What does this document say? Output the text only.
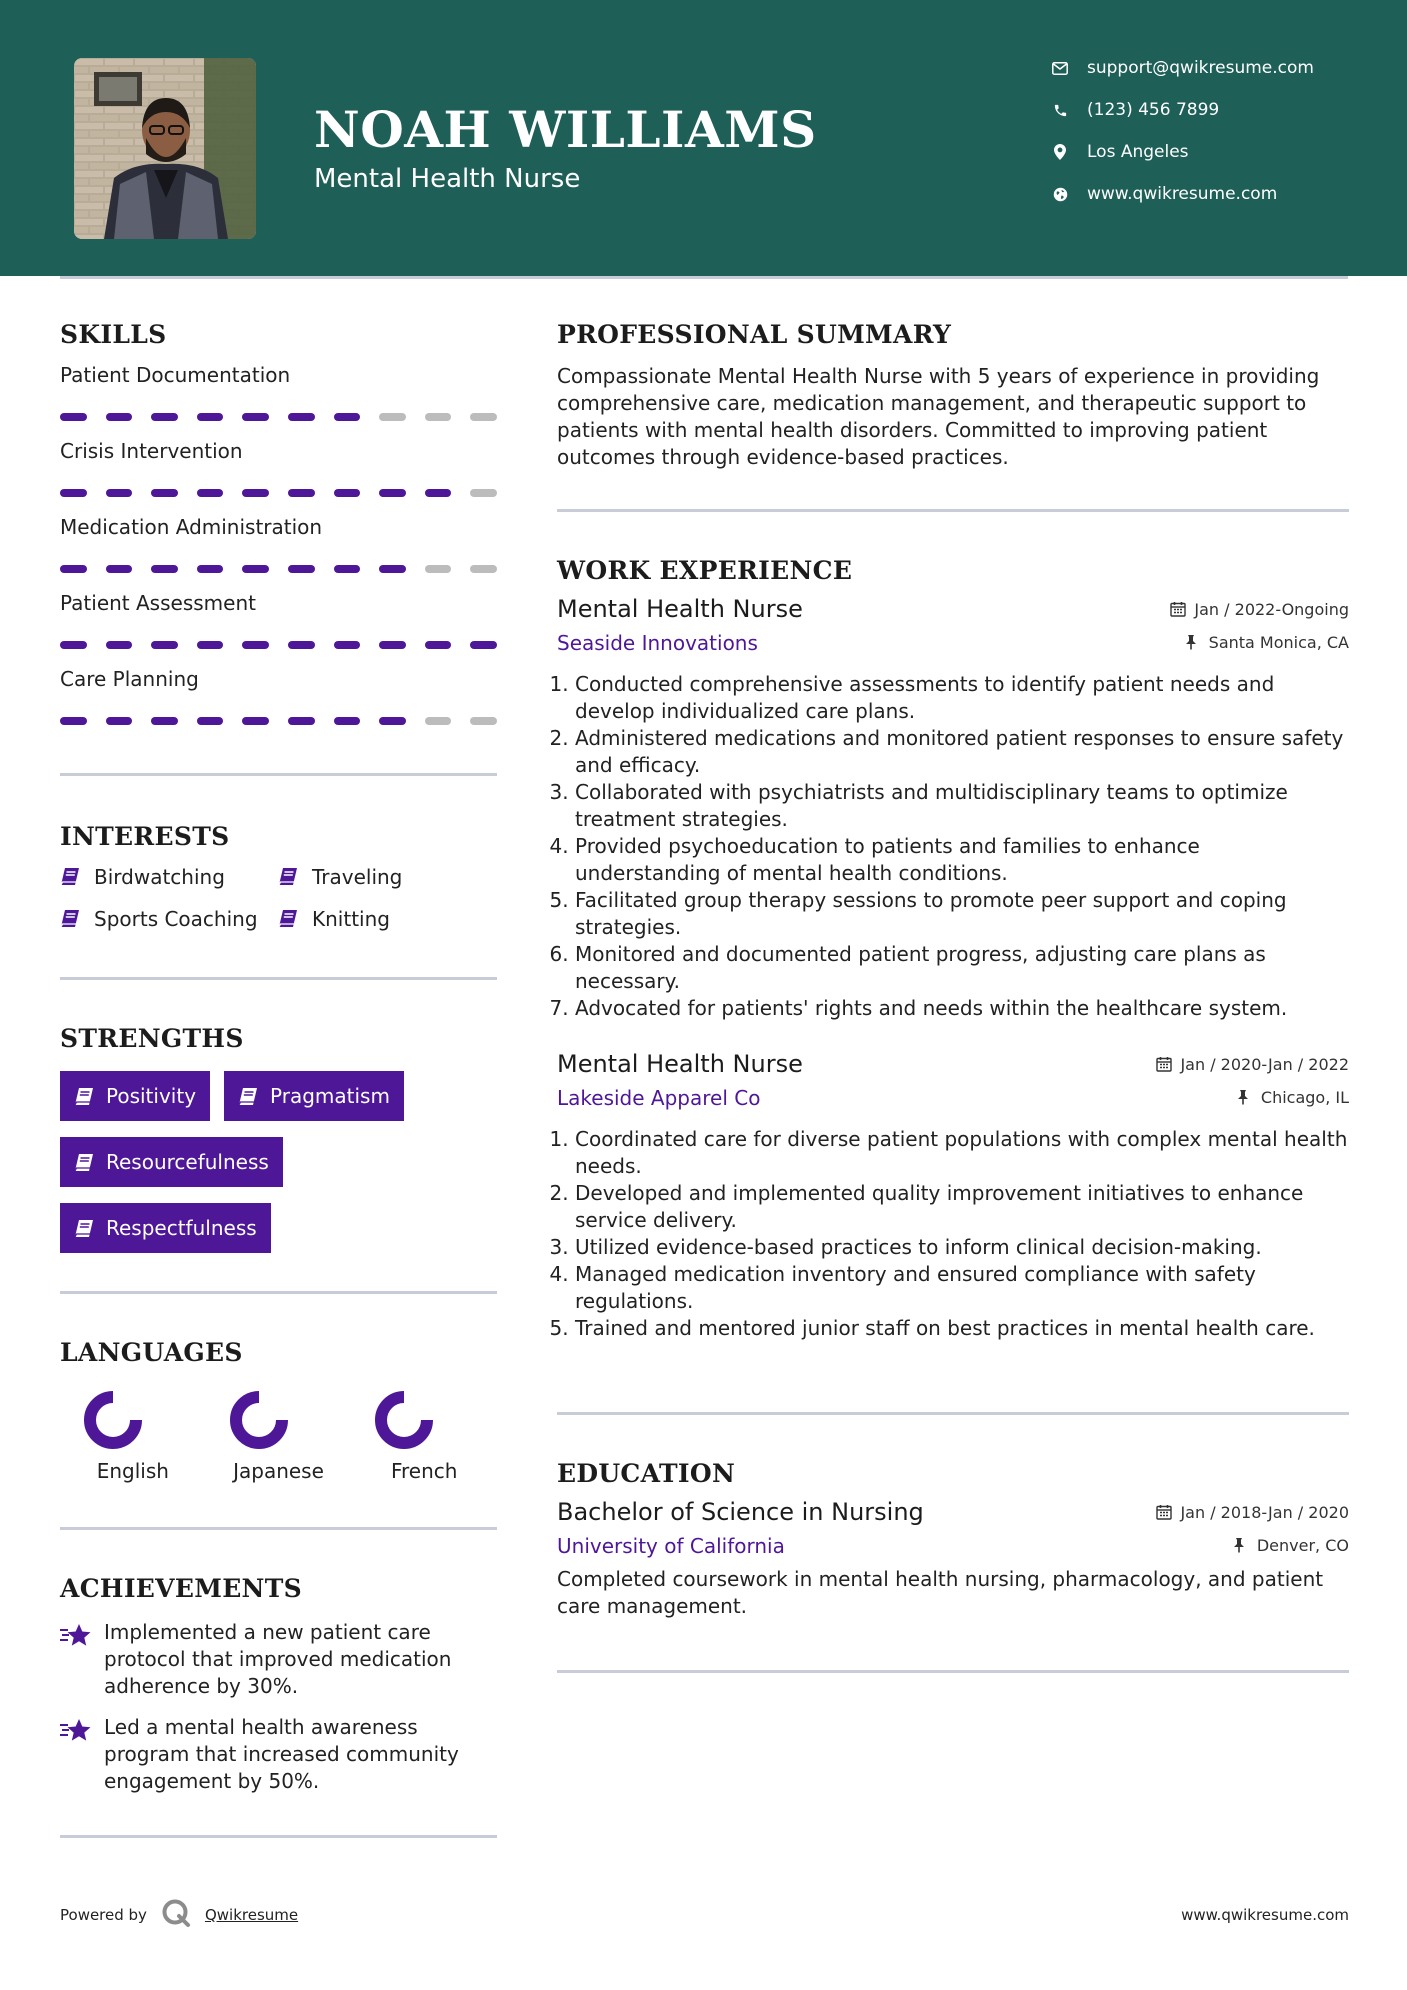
NOAH WILLIAMS
Mental Health Nurse
support@qwikresume.com
(123) 456 7899
Los Angeles
www.qwikresume.com
SKILLS
Patient Documentation
Crisis Intervention
Medication Administration
Patient Assessment
Care Planning
INTERESTS
Birdwatching	Traveling
Sports Coaching	Knitting
STRENGTHS
Positivity	Pragmatism
Resourcefulness
Respectfulness
LANGUAGES
English	Japanese	French
ACHIEVEMENTS
Implemented a new patient care protocol that improved medication adherence by 30%.
Led a mental health awareness program that increased community engagement by 50%.
PROFESSIONAL SUMMARY
Compassionate Mental Health Nurse with 5 years of experience in providing comprehensive care, medication management, and therapeutic support to patients with mental health disorders. Committed to improving patient outcomes through evidence-based practices.
WORK EXPERIENCE
Mental Health Nurse	Jan / 2022-Ongoing
Seaside Innovations	Santa Monica, CA
1. Conducted comprehensive assessments to identify patient needs and develop individualized care plans.
2. Administered medications and monitored patient responses to ensure safety and efficacy.
3. Collaborated with psychiatrists and multidisciplinary teams to optimize treatment strategies.
4. Provided psychoeducation to patients and families to enhance understanding of mental health conditions.
5. Facilitated group therapy sessions to promote peer support and coping strategies.
6. Monitored and documented patient progress, adjusting care plans as necessary.
7. Advocated for patients' rights and needs within the healthcare system.
Mental Health Nurse	Jan / 2020-Jan / 2022
Lakeside Apparel Co	Chicago, IL
1. Coordinated care for diverse patient populations with complex mental health needs.
2. Developed and implemented quality improvement initiatives to enhance service delivery.
3. Utilized evidence-based practices to inform clinical decision-making.
4. Managed medication inventory and ensured compliance with safety regulations.
5. Trained and mentored junior staff on best practices in mental health care.
EDUCATION
Bachelor of Science in Nursing	Jan / 2018-Jan / 2020
University of California	Denver, CO
Completed coursework in mental health nursing, pharmacology, and patient care management.
Powered by	Qwikresume	www.qwikresume.com
